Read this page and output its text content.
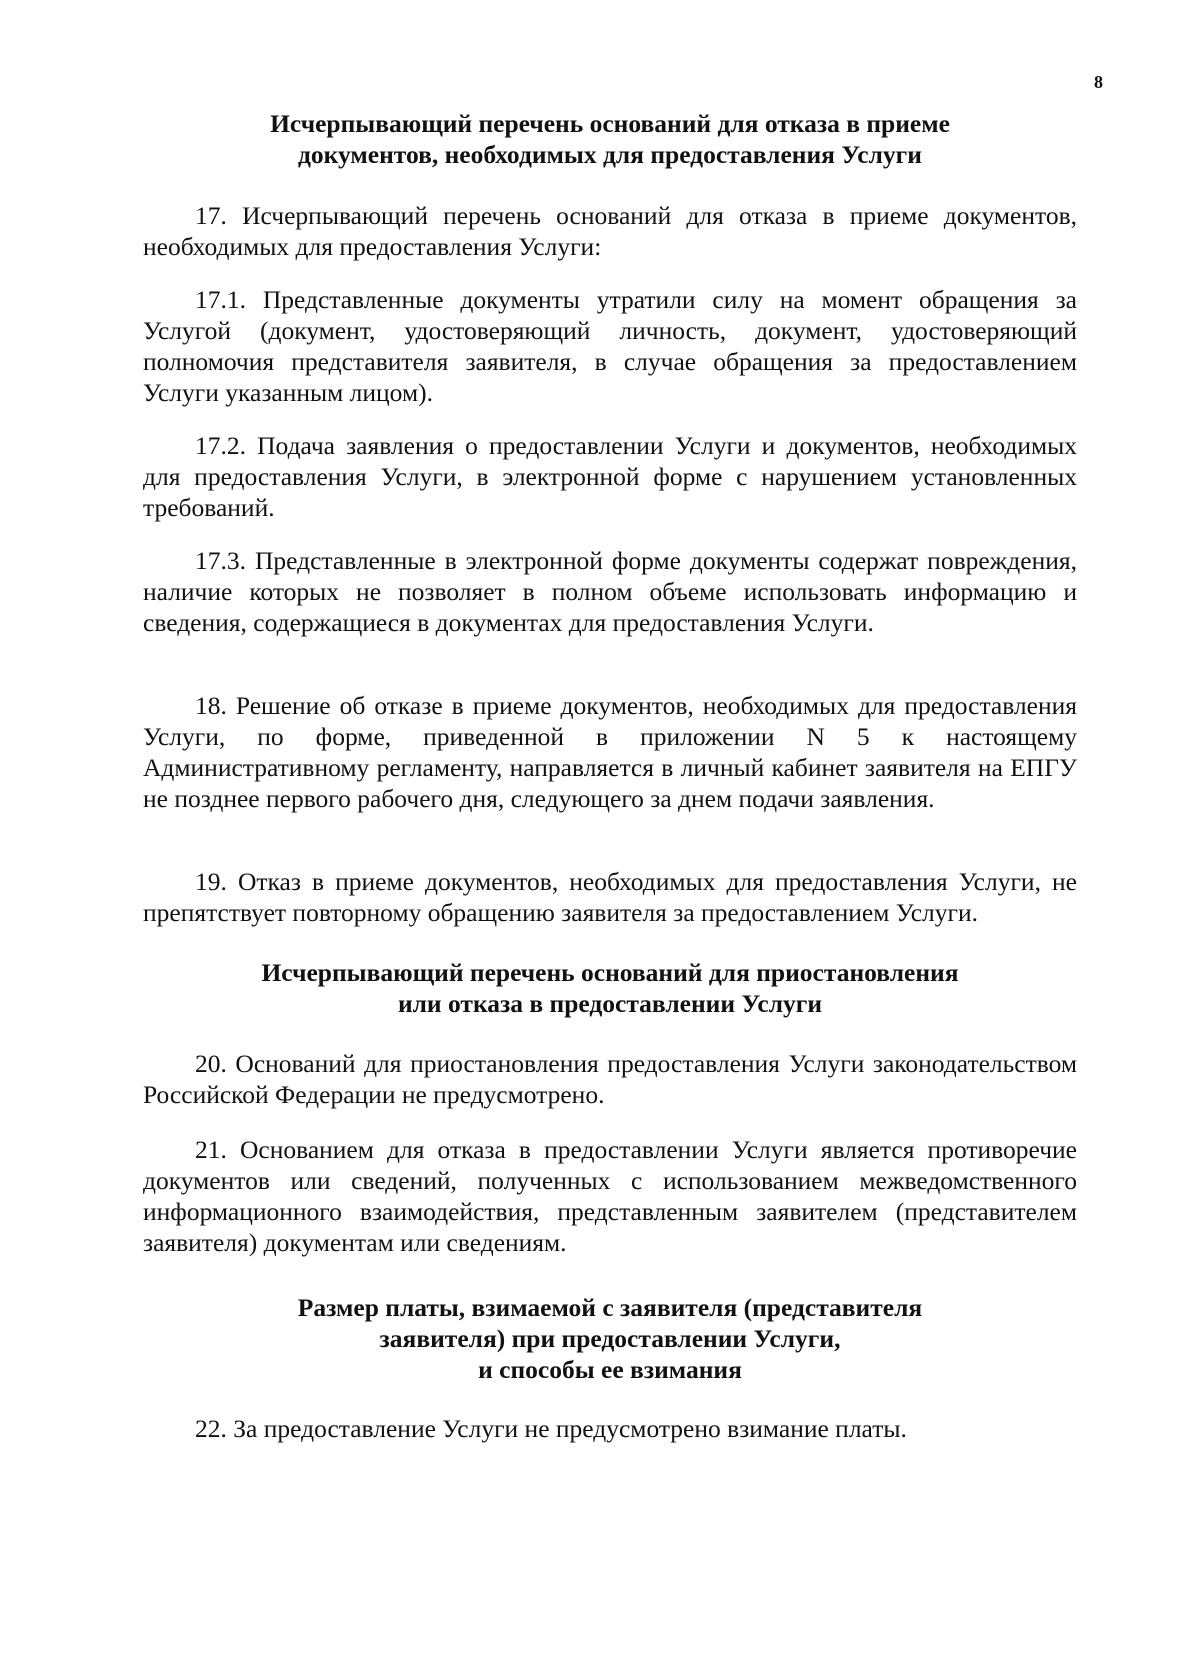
8
Исчерпывающий перечень оснований для отказа в приеме
документов, необходимых для предоставления Услуги

17. Исчерпывающий перечень оснований для отказа в приеме документов, необходимых для предоставления Услуги:

17.1. Представленные документы утратили силу на момент обращения за Услугой (документ, удостоверяющий личность, документ, удостоверяющий полномочия представителя заявителя, в случае обращения за предоставлением Услуги указанным лицом).

17.2. Подача заявления о предоставлении Услуги и документов, необходимых для предоставления Услуги, в электронной форме с нарушением установленных требований.

17.3. Представленные в электронной форме документы содержат повреждения, наличие которых не позволяет в полном объеме использовать информацию и сведения, содержащиеся в документах для предоставления Услуги.

18. Решение об отказе в приеме документов, необходимых для предоставления Услуги, по форме, приведенной в приложении N 5 к настоящему Административному регламенту, направляется в личный кабинет заявителя на ЕПГУ не позднее первого рабочего дня, следующего за днем подачи заявления.

19. Отказ в приеме документов, необходимых для предоставления Услуги, не препятствует повторному обращению заявителя за предоставлением Услуги.

Исчерпывающий перечень оснований для приостановления
или отказа в предоставлении Услуги

20. Оснований для приостановления предоставления Услуги законодательством Российской Федерации не предусмотрено.

21. Основанием для отказа в предоставлении Услуги является противоречие документов или сведений, полученных с использованием межведомственного информационного взаимодействия, представленным заявителем (представителем заявителя) документам или сведениям.

Размер платы, взимаемой с заявителя (представителя
заявителя) при предоставлении Услуги,
и способы ее взимания

22. За предоставление Услуги не предусмотрено взимание платы.
